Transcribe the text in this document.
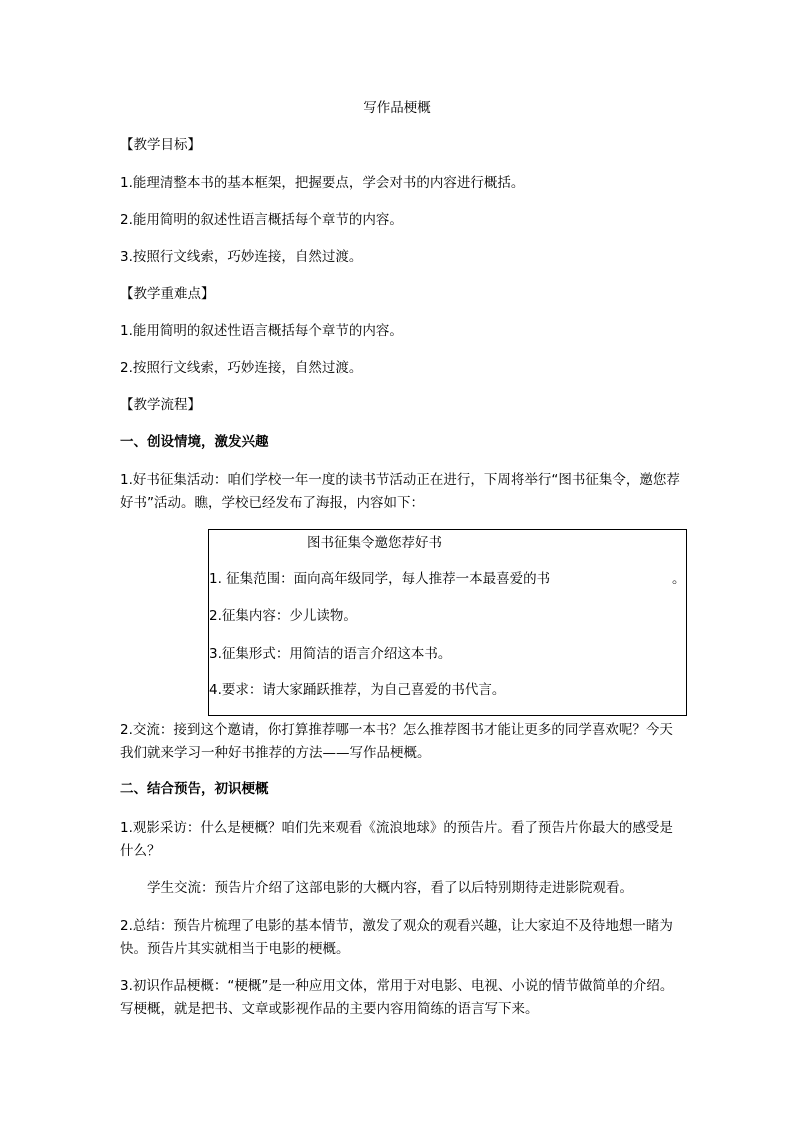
写作品梗概
【教学目标】
1.能理清整本书的基本框架，把握要点，学会对书的内容进行概括。
2.能用简明的叙述性语言概括每个章节的内容。
3.按照行文线索，巧妙连接，自然过渡。
【教学重难点】
1.能用简明的叙述性语言概括每个章节的内容。
2.按照行文线索，巧妙连接，自然过渡。
【教学流程】
一、创设情境，激发兴趣
1.好书征集活动：咱们学校一年一度的读书节活动正在进行，下周将举行“图书征集令，邀您荐好书”活动。瞧，学校已经发布了海报，内容如下：
图书征集令邀您荐好书
1. 征集范围：面向高年级同学，每人推荐一本最喜爱的书	。
2.征集内容：少儿读物。
3.征集形式：用简洁的语言介绍这本书。
4.要求：请大家踊跃推荐，为自己喜爱的书代言。
2.交流：接到这个邀请，你打算推荐哪一本书？怎么推荐图书才能让更多的同学喜欢呢？今天我们就来学习一种好书推荐的方法——写作品梗概。
二、结合预告，初识梗概
1.观影采访：什么是梗概？咱们先来观看《流浪地球》的预告片。看了预告片你最大的感受是什么？
学生交流：预告片介绍了这部电影的大概内容，看了以后特别期待走进影院观看。
2.总结：预告片梳理了电影的基本情节，激发了观众的观看兴趣，让大家迫不及待地想一睹为快。预告片其实就相当于电影的梗概。
3.初识作品梗概：“梗概”是一种应用文体，常用于对电影、电视、小说的情节做简单的介绍。写梗概，就是把书、文章或影视作品的主要内容用简练的语言写下来。
